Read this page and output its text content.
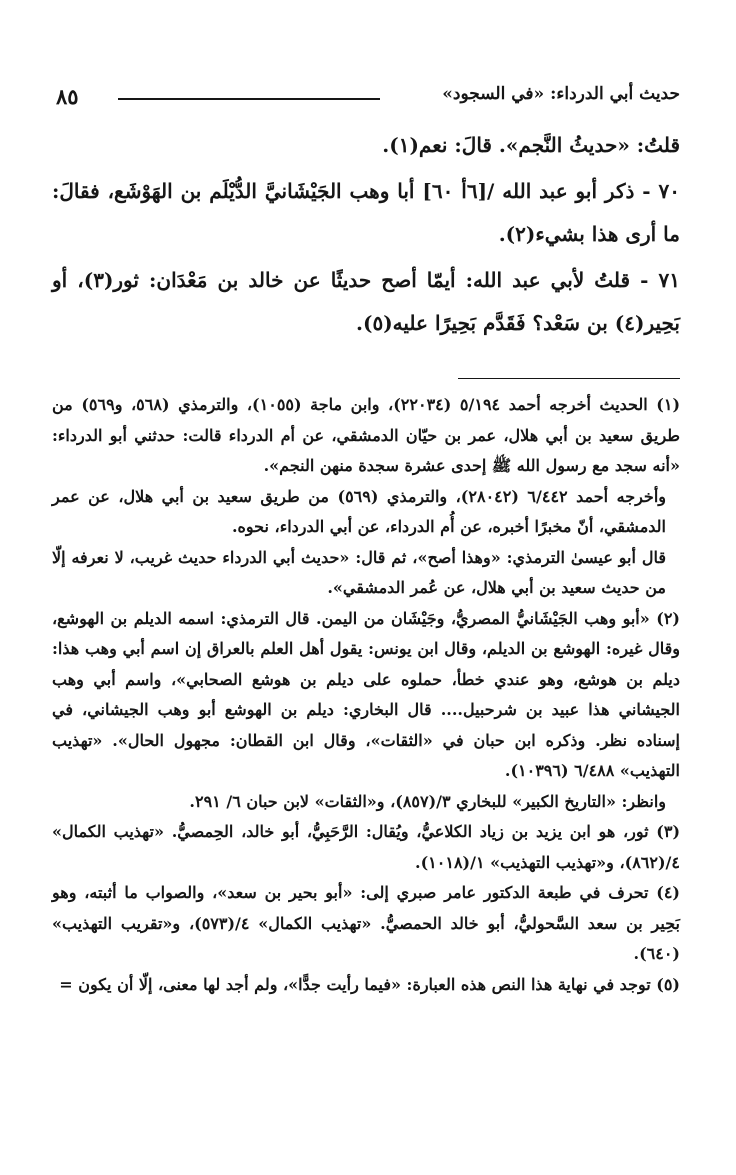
٨٥	حديث أبي الدرداء: «في السجود»

قلتُ: «حديثُ النَّجم». قالَ: نعم(١).

٧٠ - ذكر أبو عبد الله /[٦أ ٦٠] أبا وهب الجَيْشَانيَّ الدُّيْلَم بن الهَوْشَع، فقالَ: ما أرى هذا بشيء(٢).

٧١ - قلتُ لأبي عبد الله: أيمّا أصح حديثًا عن خالد بن مَعْدَان: ثور(٣)، أو بَحِير(٤) بن سَعْد؟ فَقَدَّم بَحِيرًا عليه(٥).

(١) الحديث أخرجه أحمد ٥/١٩٤ (٢٢٠٣٤)، وابن ماجة (١٠٥٥)، والترمذي (٥٦٨، و٥٦٩) من طريق سعيد بن أبي هلال، عمر بن حيّان الدمشقي، عن أم الدرداء قالت: حدثني أبو الدرداء: «أنه سجد مع رسول الله ﷺ إحدى عشرة سجدة منهن النجم».

وأخرجه أحمد ٦/٤٤٢ (٢٨٠٤٢)، والترمذي (٥٦٩) من طريق سعيد بن أبي هلال، عن عمر الدمشقي، أنّ مخبرًا أخبره، عن أُم الدرداء، عن أبي الدرداء، نحوه.

قال أبو عيسىٰ الترمذي: «وهذا أصح»، ثم قال: «حديث أبي الدرداء حديث غريب، لا نعرفه إلّا من حديث سعيد بن أبي هلال، عن عُمر الدمشقي».

(٢) «أبو وهب الجَيْشَانيُّ المصريُّ، وجَيْشَان من اليمن. قال الترمذي: اسمه الديلم بن الهوشع، وقال غيره: الهوشع بن الديلم، وقال ابن يونس: يقول أهل العلم بالعراق إن اسم أبي وهب هذا: ديلم بن هوشع، وهو عندي خطأ، حملوه على ديلم بن هوشع الصحابي»، واسم أبي وهب الجيشاني هذا عبيد بن شرحبيل.... قال البخاري: ديلم بن الهوشع أبو وهب الجيشاني، في إسناده نظر. وذكره ابن حبان في «الثقات»، وقال ابن القطان: مجهول الحال». «تهذيب التهذيب» ٦/٤٨٨ (١٠٣٩٦).

وانظر: «التاريخ الكبير» للبخاري ٣/(٨٥٧)، و«الثقات» لابن حبان ٦/ ٢٩١.

(٣) ثور، هو ابن يزيد بن زياد الكلاعيُّ، ويُقال: الرَّحَبِيُّ، أبو خالد، الحِمصيُّ. «تهذيب الكمال» ٤/(٨٦٢)، و«تهذيب التهذيب» ١/(١٠١٨).

(٤) تحرف في طبعة الدكتور عامر صبري إلى: «أبو بحير بن سعد»، والصواب ما أثبته، وهو بَحِير بن سعد السَّحوليُّ، أبو خالد الحمصيُّ. «تهذيب الكمال» ٤/(٥٧٣)، و«تقريب التهذيب» (٦٤٠).

(٥) توجد في نهاية هذا النص هذه العبارة: «فيما رأيت جدًّا»، ولم أجد لها معنى، إلّا أن يكون =
